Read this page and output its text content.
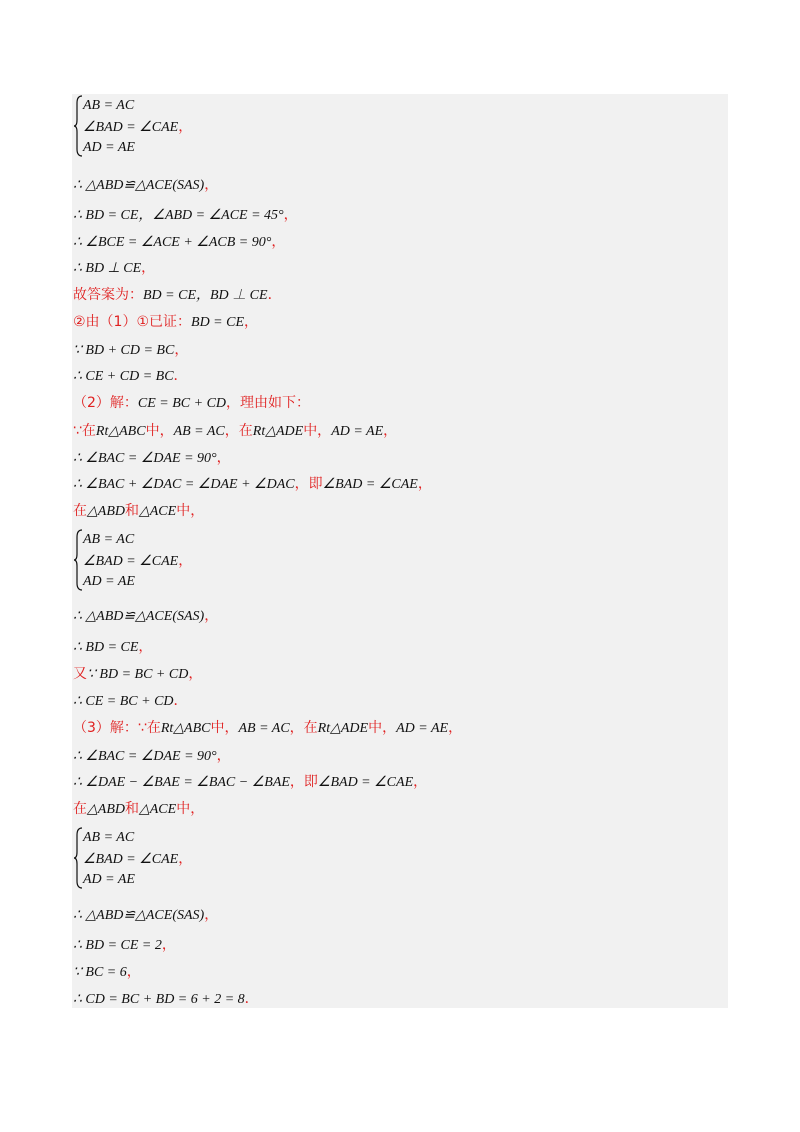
AB = AC
∠BAD = ∠CAE，
AD = AE
∴ △ABD≌△ACE(SAS)，
∴ BD = CE，∠ABD = ∠ACE = 45°，
∴ ∠BCE = ∠ACE + ∠ACB = 90°，
∴ BD ⊥ CE，
故答案为：BD = CE，BD ⊥ CE．
②由（1）①已证：BD = CE，
∵ BD + CD = BC，
∴ CE + CD = BC．
（2）解：CE = BC + CD，理由如下：
∵在Rt△ABC中，AB = AC，在Rt△ADE中，AD = AE，
∴ ∠BAC = ∠DAE = 90°，
∴ ∠BAC + ∠DAC = ∠DAE + ∠DAC，即∠BAD = ∠CAE，
在△ABD和△ACE中，
AB = AC
∠BAD = ∠CAE，
AD = AE
∴ △ABD≌△ACE(SAS)，
∴ BD = CE，
又∵ BD = BC + CD，
∴ CE = BC + CD．
（3）解：∵在Rt△ABC中，AB = AC，在Rt△ADE中，AD = AE，
∴ ∠BAC = ∠DAE = 90°，
∴ ∠DAE − ∠BAE = ∠BAC − ∠BAE，即∠BAD = ∠CAE，
在△ABD和△ACE中，
AB = AC
∠BAD = ∠CAE，
AD = AE
∴ △ABD≌△ACE(SAS)，
∴ BD = CE = 2，
∵ BC = 6，
∴ CD = BC + BD = 6 + 2 = 8．
